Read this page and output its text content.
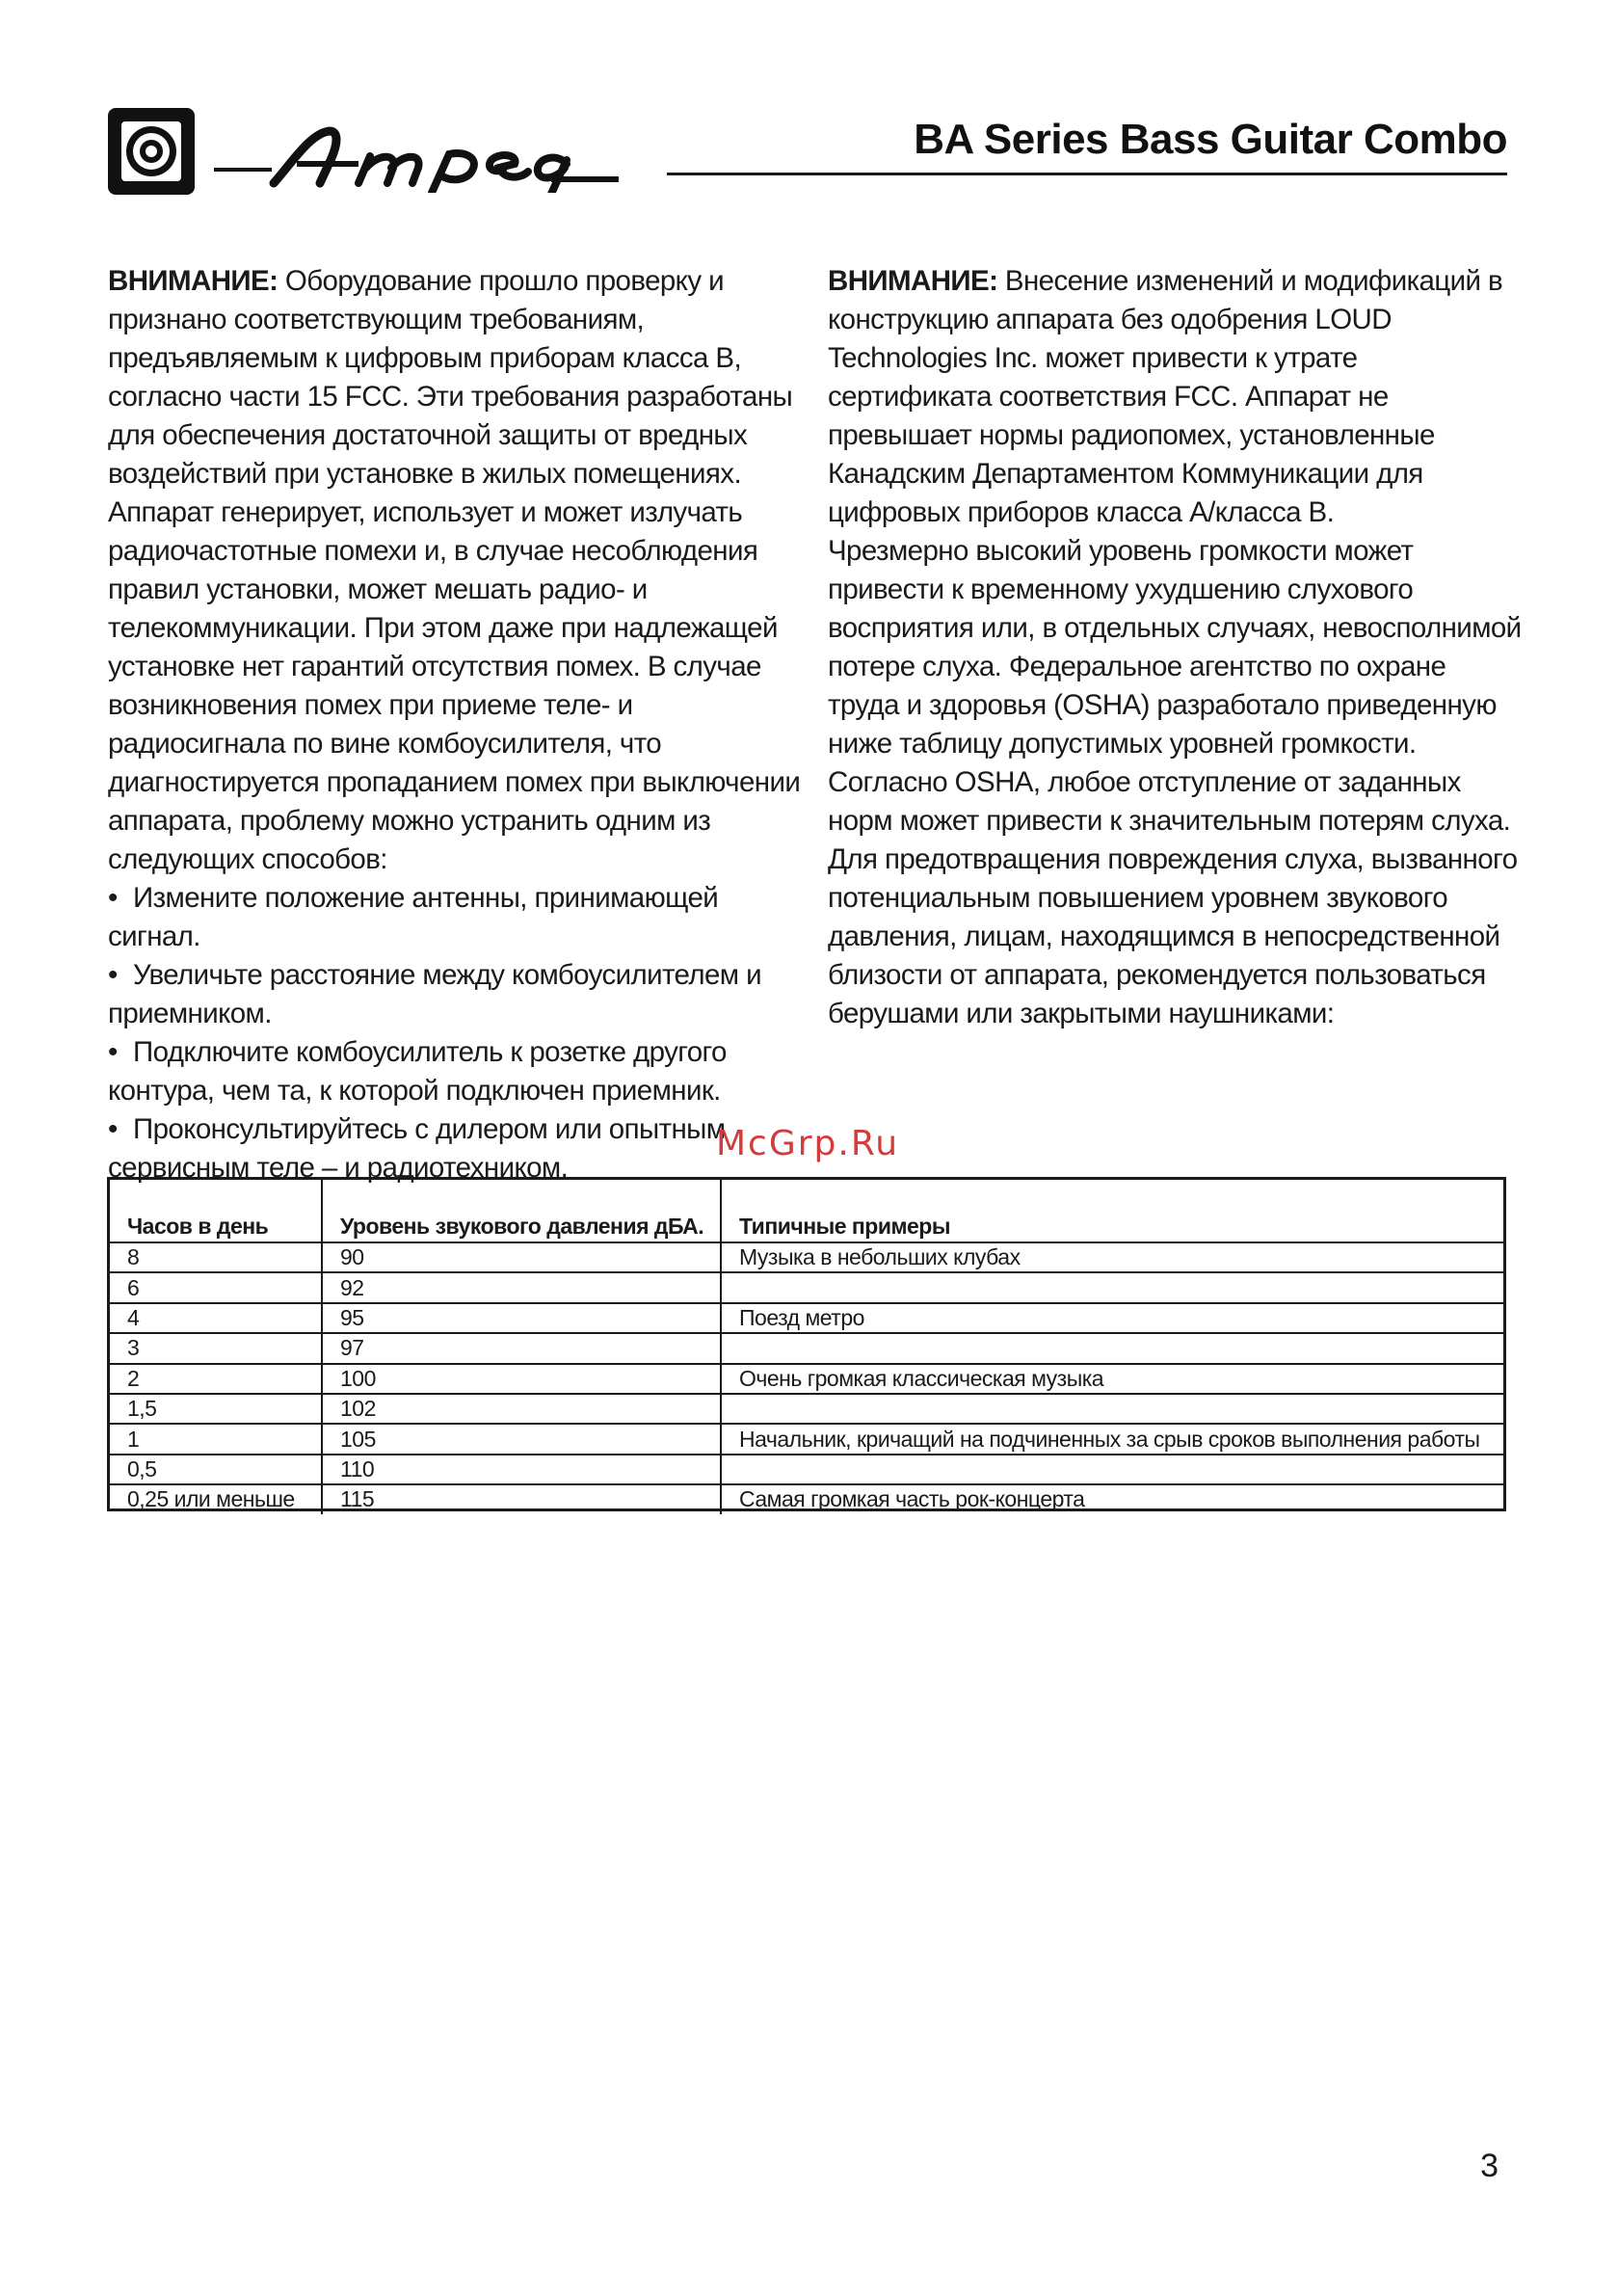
BA Series Bass Guitar Combo

ВНИМАНИЕ: Оборудование прошло проверку и признано соответствующим требованиям, предъявляемым к цифровым приборам класса B, согласно части 15 FCC. Эти требования разработаны для обеспечения достаточной защиты от вредных воздействий при установке в жилых помещениях. Аппарат генерирует, использует и может излучать радиочастотные помехи и, в случае несоблюдения правил установки, может мешать радио- и телекоммуникации. При этом даже при надлежащей установке нет гарантий отсутствия помех. В случае возникновения помех при приеме теле- и радиосигнала по вине комбоусилителя, что диагностируется пропаданием помех при выключении аппарата, проблему можно устранить одним из следующих способов:

• Измените положение антенны, принимающей сигнал.
• Увеличьте расстояние между комбоусилителем и приемником.
• Подключите комбоусилитель к розетке другого контура, чем та, к которой подключен приемник.
• Проконсультируйтесь с дилером или опытным сервисным теле – и радиотехником.

ВНИМАНИЕ: Внесение изменений и модификаций в конструкцию аппарата без одобрения LOUD Technologies Inc. может привести к утрате сертификата соответствия FCC. Аппарат не превышает нормы радиопомех, установленные Канадским Департаментом Коммуникации для цифровых приборов класса A/класса B.

Чрезмерно высокий уровень громкости может привести к временному ухудшению слухового восприятия или, в отдельных случаях, невосполнимой потере слуха. Федеральное агентство по охране труда и здоровья (OSHA) разработало приведенную ниже таблицу допустимых уровней громкости.

Согласно OSHA, любое отступление от заданных норм может привести к значительным потерям слуха. Для предотвращения повреждения слуха, вызванного потенциальным повышением уровнем звукового давления, лицам, находящимся в непосредственной близости от аппарата, рекомендуется пользоваться берушами или закрытыми наушниками:

McGrp.Ru
Часов в день	Уровень звукового давления дБА.	Типичные примеры
8	90	Музыка в небольших клубах
6	92	
4	95	Поезд метро
3	97	
2	100	Очень громкая классическая музыка
1,5	102	
1	105	Начальник, кричащий на подчиненных за срыв сроков выполнения работы
0,5	110	
0,25 или меньше	115	Самая громкая часть рок-концерта
3
